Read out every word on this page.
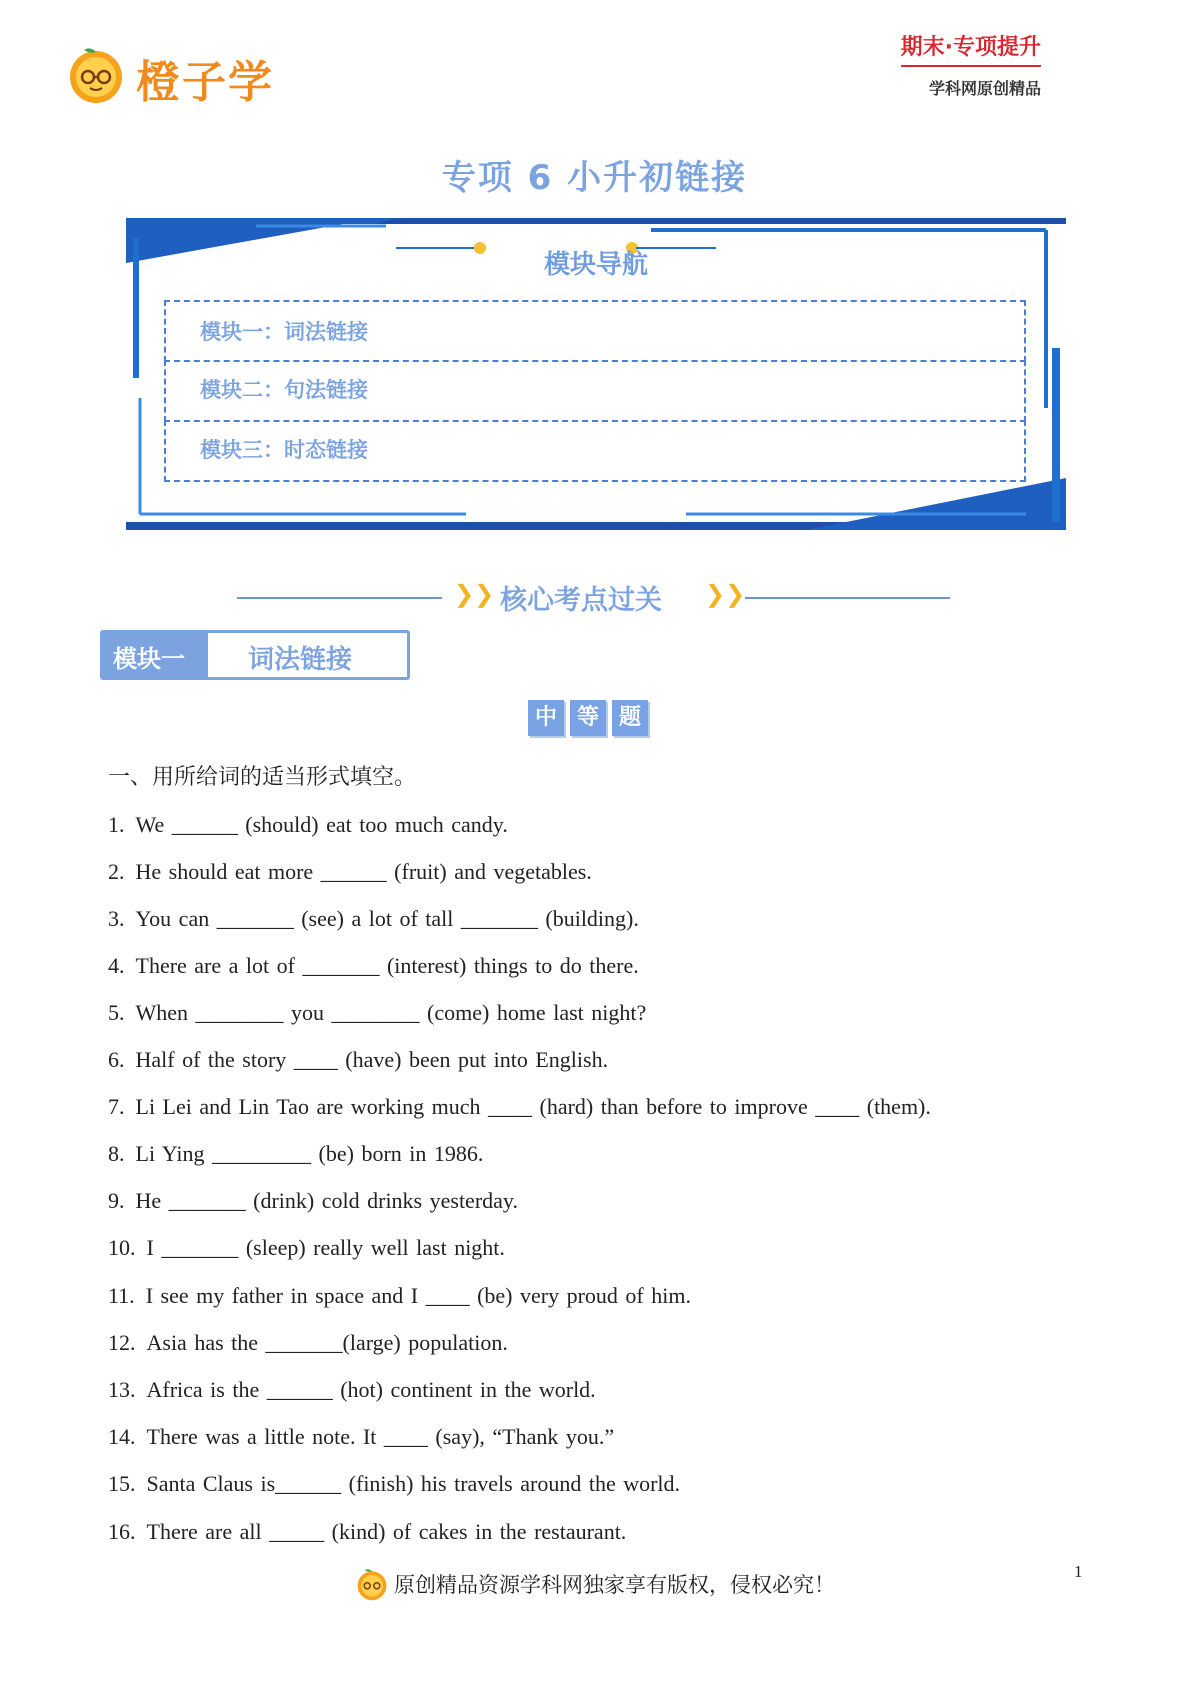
橙子学
期末·专项提升
学科网原创精品
专项 6 小升初链接
模块导航
模块一：词法链接
模块二：句法链接
模块三：时态链接
❯❯ 核心考点过关 ❯❯
模块一 词法链接
中 等 题
一、用所给词的适当形式填空。
1. We ______ (should) eat too much candy.
2. He should eat more ______ (fruit) and vegetables.
3. You can _______ (see) a lot of tall _______ (building).
4. There are a lot of _______ (interest) things to do there.
5. When ________ you ________ (come) home last night?
6. Half of the story ____ (have) been put into English.
7. Li Lei and Lin Tao are working much ____ (hard) than before to improve ____ (them).
8. Li Ying _________ (be) born in 1986.
9. He _______ (drink) cold drinks yesterday.
10. I _______ (sleep) really well last night.
11. I see my father in space and I ____ (be) very proud of him.
12. Asia has the _______(large) population.
13. Africa is the ______ (hot) continent in the world.
14. There was a little note. It ____ (say), “Thank you.”
15. Santa Claus is______ (finish) his travels around the world.
16. There are all _____ (kind) of cakes in the restaurant.
原创精品资源学科网独家享有版权，侵权必究！
1
